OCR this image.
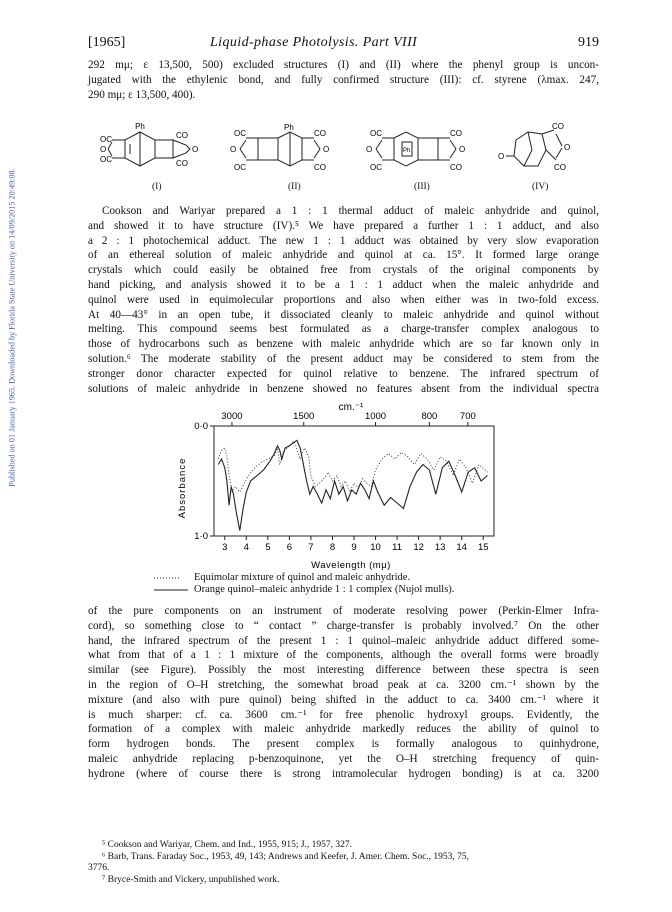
Published on 01 January 1965. Downloaded by Florida State University on 14/09/2015 20:49:08.
[1965]	Liquid-phase Photolysis. Part VIII	919
292 mμ; ε 13,500, 500) excluded structures (I) and (II) where the phenyl group is uncon-
jugated with the ethylenic bond, and fully confirmed structure (III): cf. styrene (λmax. 247,
290 mμ; ε 13,500, 400).
Ph
OC
O
OC
CO
O
CO
(I)
Ph
OC
O
OC
CO
O
CO
(II)
Ph
OC
O
OC
CO
O
CO
(III)
CO
O
CO
O
(IV)
Cookson and Wariyar prepared a 1 : 1 thermal adduct of maleic anhydride and quinol,
and showed it to have structure (IV).⁵ We have prepared a further 1 : 1 adduct, and also
a 2 : 1 photochemical adduct. The new 1 : 1 adduct was obtained by very slow evaporation
of an ethereal solution of maleic anhydride and quinol at ca. 15°. It formed large orange
crystals which could easily be obtained free from crystals of the original components by
hand picking, and analysis showed it to be a 1 : 1 adduct when the maleic anhydride and
quinol were used in equimolecular proportions and also when either was in two-fold excess.
At 40—43° in an open tube, it dissociated cleanly to maleic anhydride and quinol without
melting. This compound seems best formulated as a charge-transfer complex analogous to
those of hydrocarbons such as benzene with maleic anhydride which are so far known only in
solution.⁶ The moderate stability of the present adduct may be considered to stem from the
stronger donor character expected for quinol relative to benzene. The infrared spectrum of
solutions of maleic anhydride in benzene showed no features absent from the individual spectra
cm.⁻¹
3000	1500	1000	800 700
3 4 5 6 7 8 9 10 11 12 13 14 15
0·0
1·0
Absorbance
Wavelength (mμ)
Equimolar mixture of quinol and maleic anhydride.
Orange quinol–maleic anhydride 1 : 1 complex (Nujol mulls).
of the pure components on an instrument of moderate resolving power (Perkin-Elmer Infra-
cord), so something close to “ contact ” charge-transfer is probably involved.⁷ On the other
hand, the infrared spectrum of the present 1 : 1 quinol–maleic anhydride adduct differed some-
what from that of a 1 : 1 mixture of the components, although the overall forms were broadly
similar (see Figure). Possibly the most interesting difference between these spectra is seen
in the region of O–H stretching, the somewhat broad peak at ca. 3200 cm.⁻¹ shown by the
mixture (and also with pure quinol) being shifted in the adduct to ca. 3400 cm.⁻¹ where it
is much sharper: cf. ca. 3600 cm.⁻¹ for free phenolic hydroxyl groups. Evidently, the
formation of a complex with maleic anhydride markedly reduces the ability of quinol to
form hydrogen bonds. The present complex is formally analogous to quinhydrone,
maleic anhydride replacing p-benzoquinone, yet the O–H stretching frequency of quin-
hydrone (where of course there is strong intramolecular hydrogen bonding) is at ca. 3200
⁵ Cookson and Wariyar, Chem. and Ind., 1955, 915; J., 1957, 327.
⁶ Barb, Trans. Faraday Soc., 1953, 49, 143; Andrews and Keefer, J. Amer. Chem. Soc., 1953, 75,
3776.
⁷ Bryce-Smith and Vickery, unpublished work.
